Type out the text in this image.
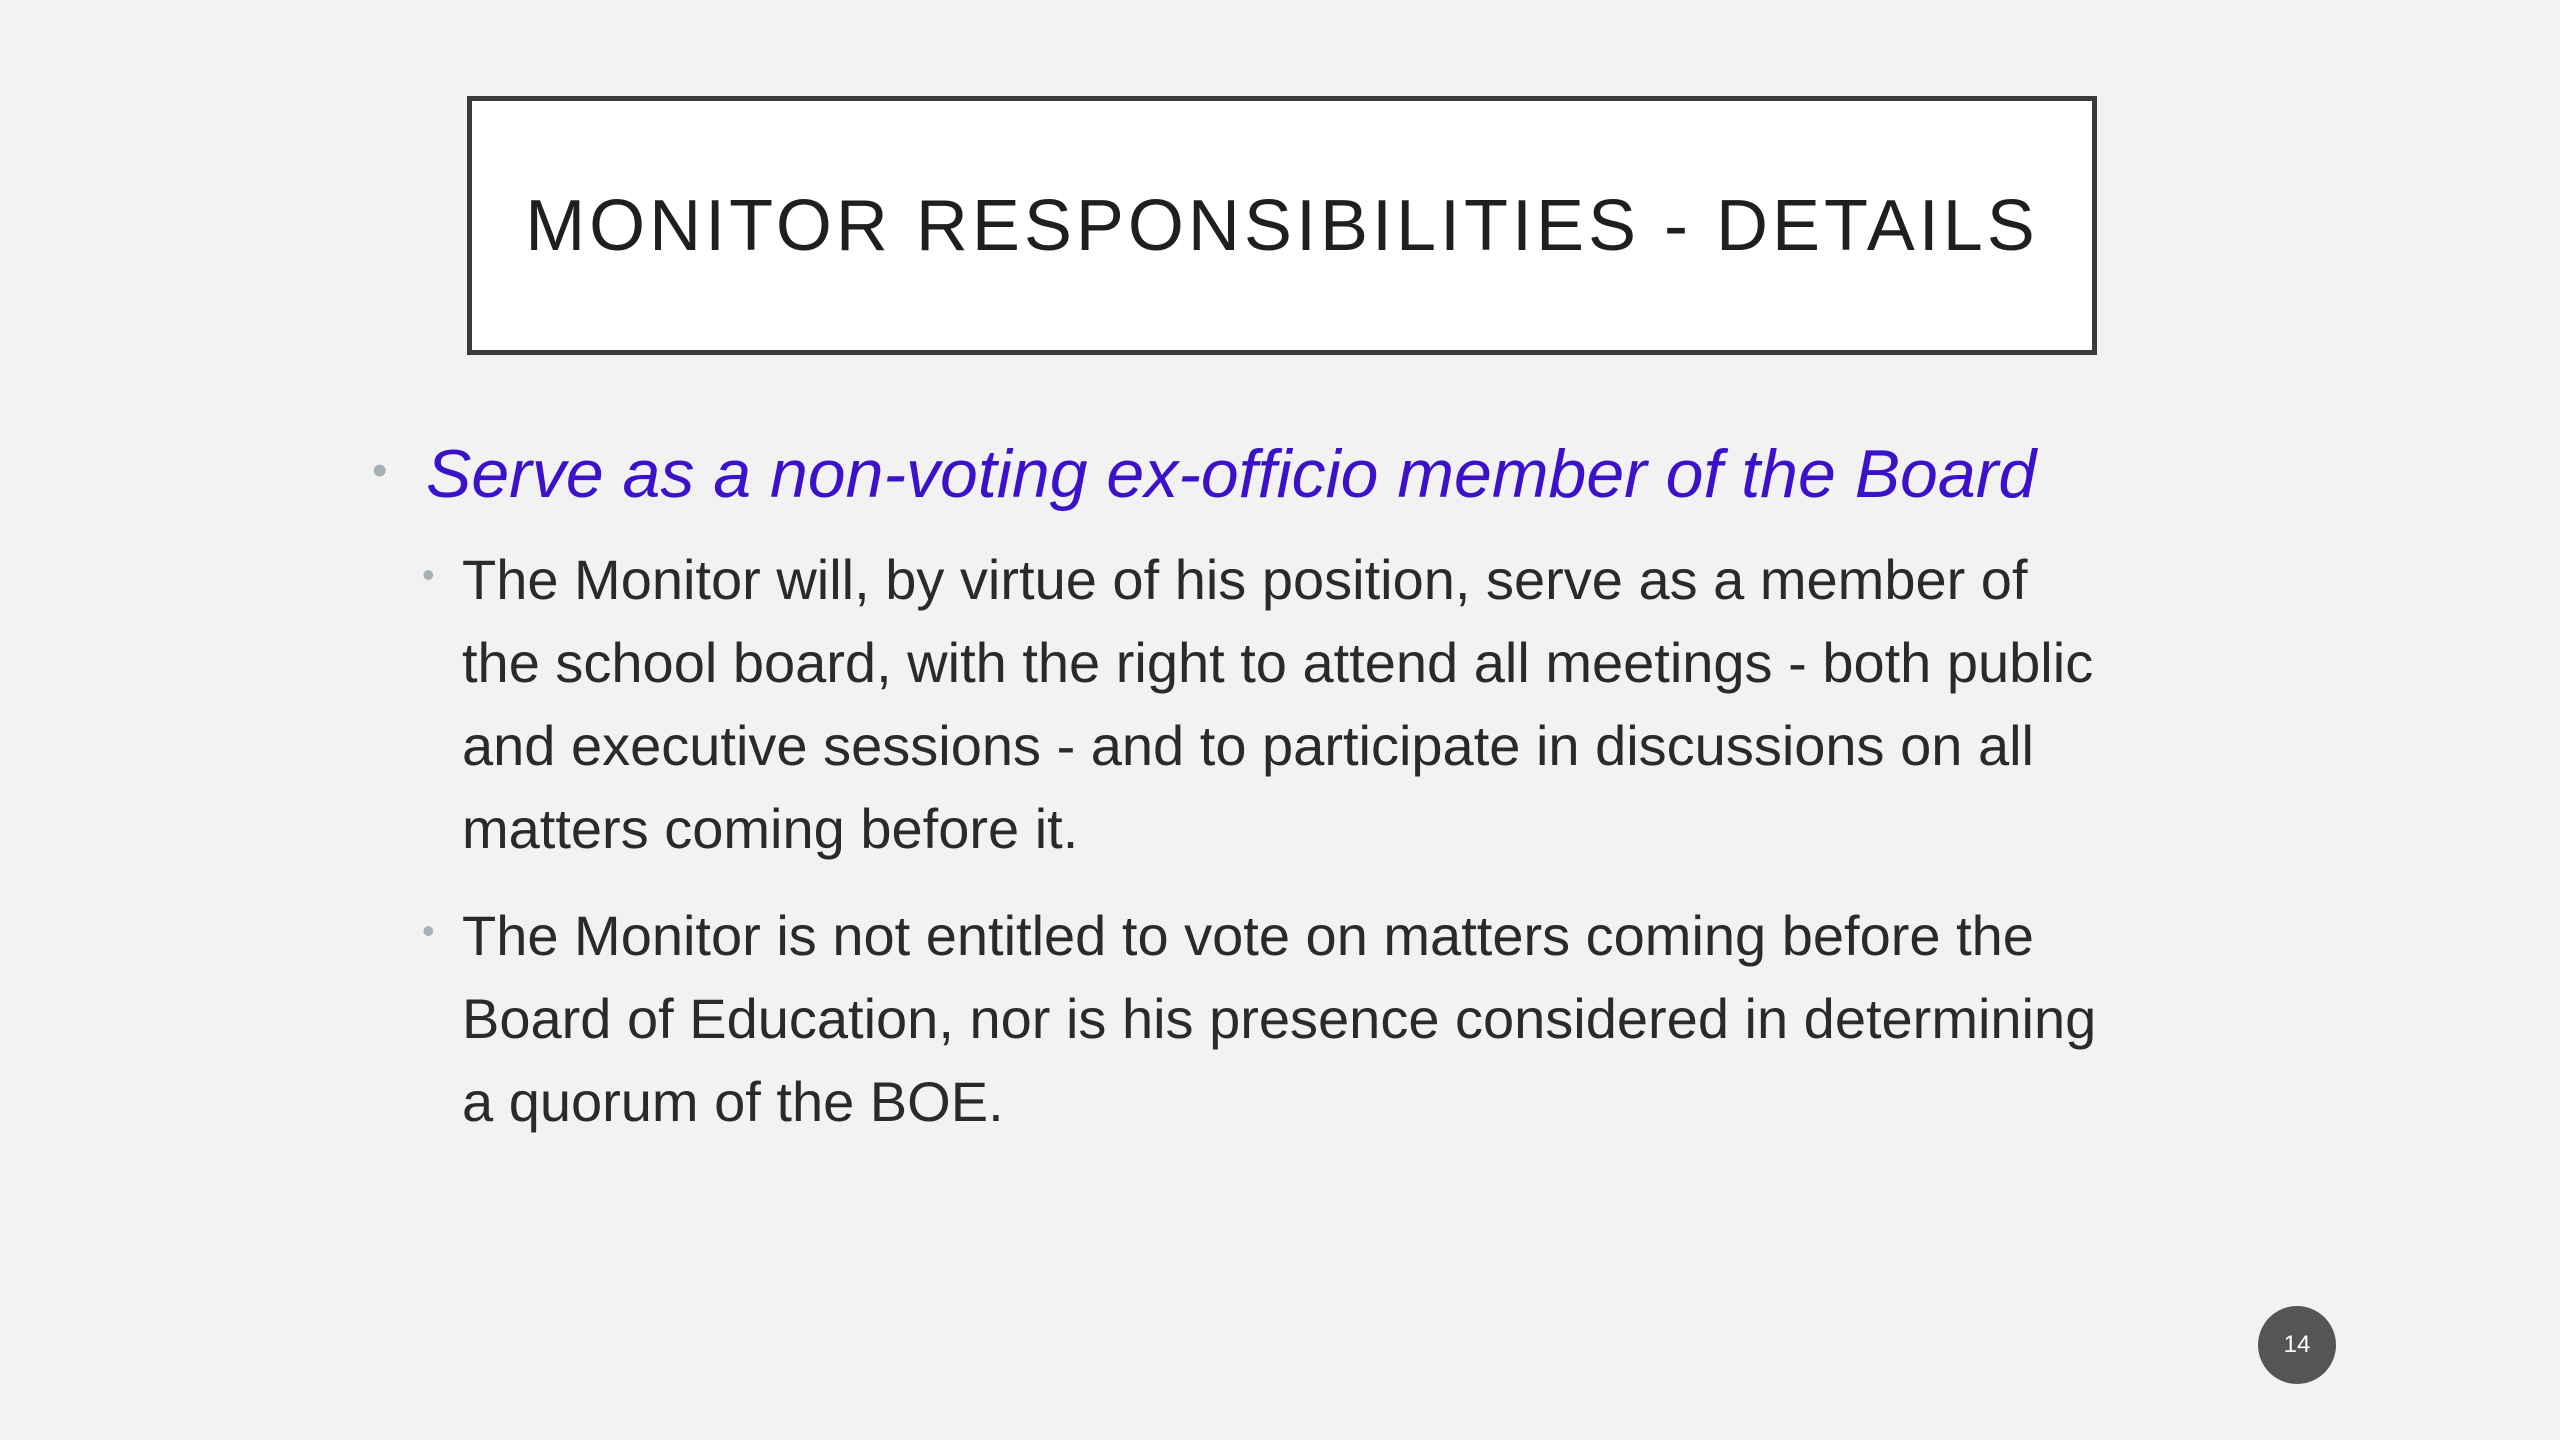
MONITOR RESPONSIBILITIES - DETAILS
• Serve as a non-voting ex-officio member of the Board
• The Monitor will, by virtue of his position, serve as a member of the school board, with the right to attend all meetings - both public and executive sessions - and to participate in discussions on all matters coming before it.
• The Monitor is not entitled to vote on matters coming before the Board of Education, nor is his presence considered in determining a quorum of the BOE.
14
